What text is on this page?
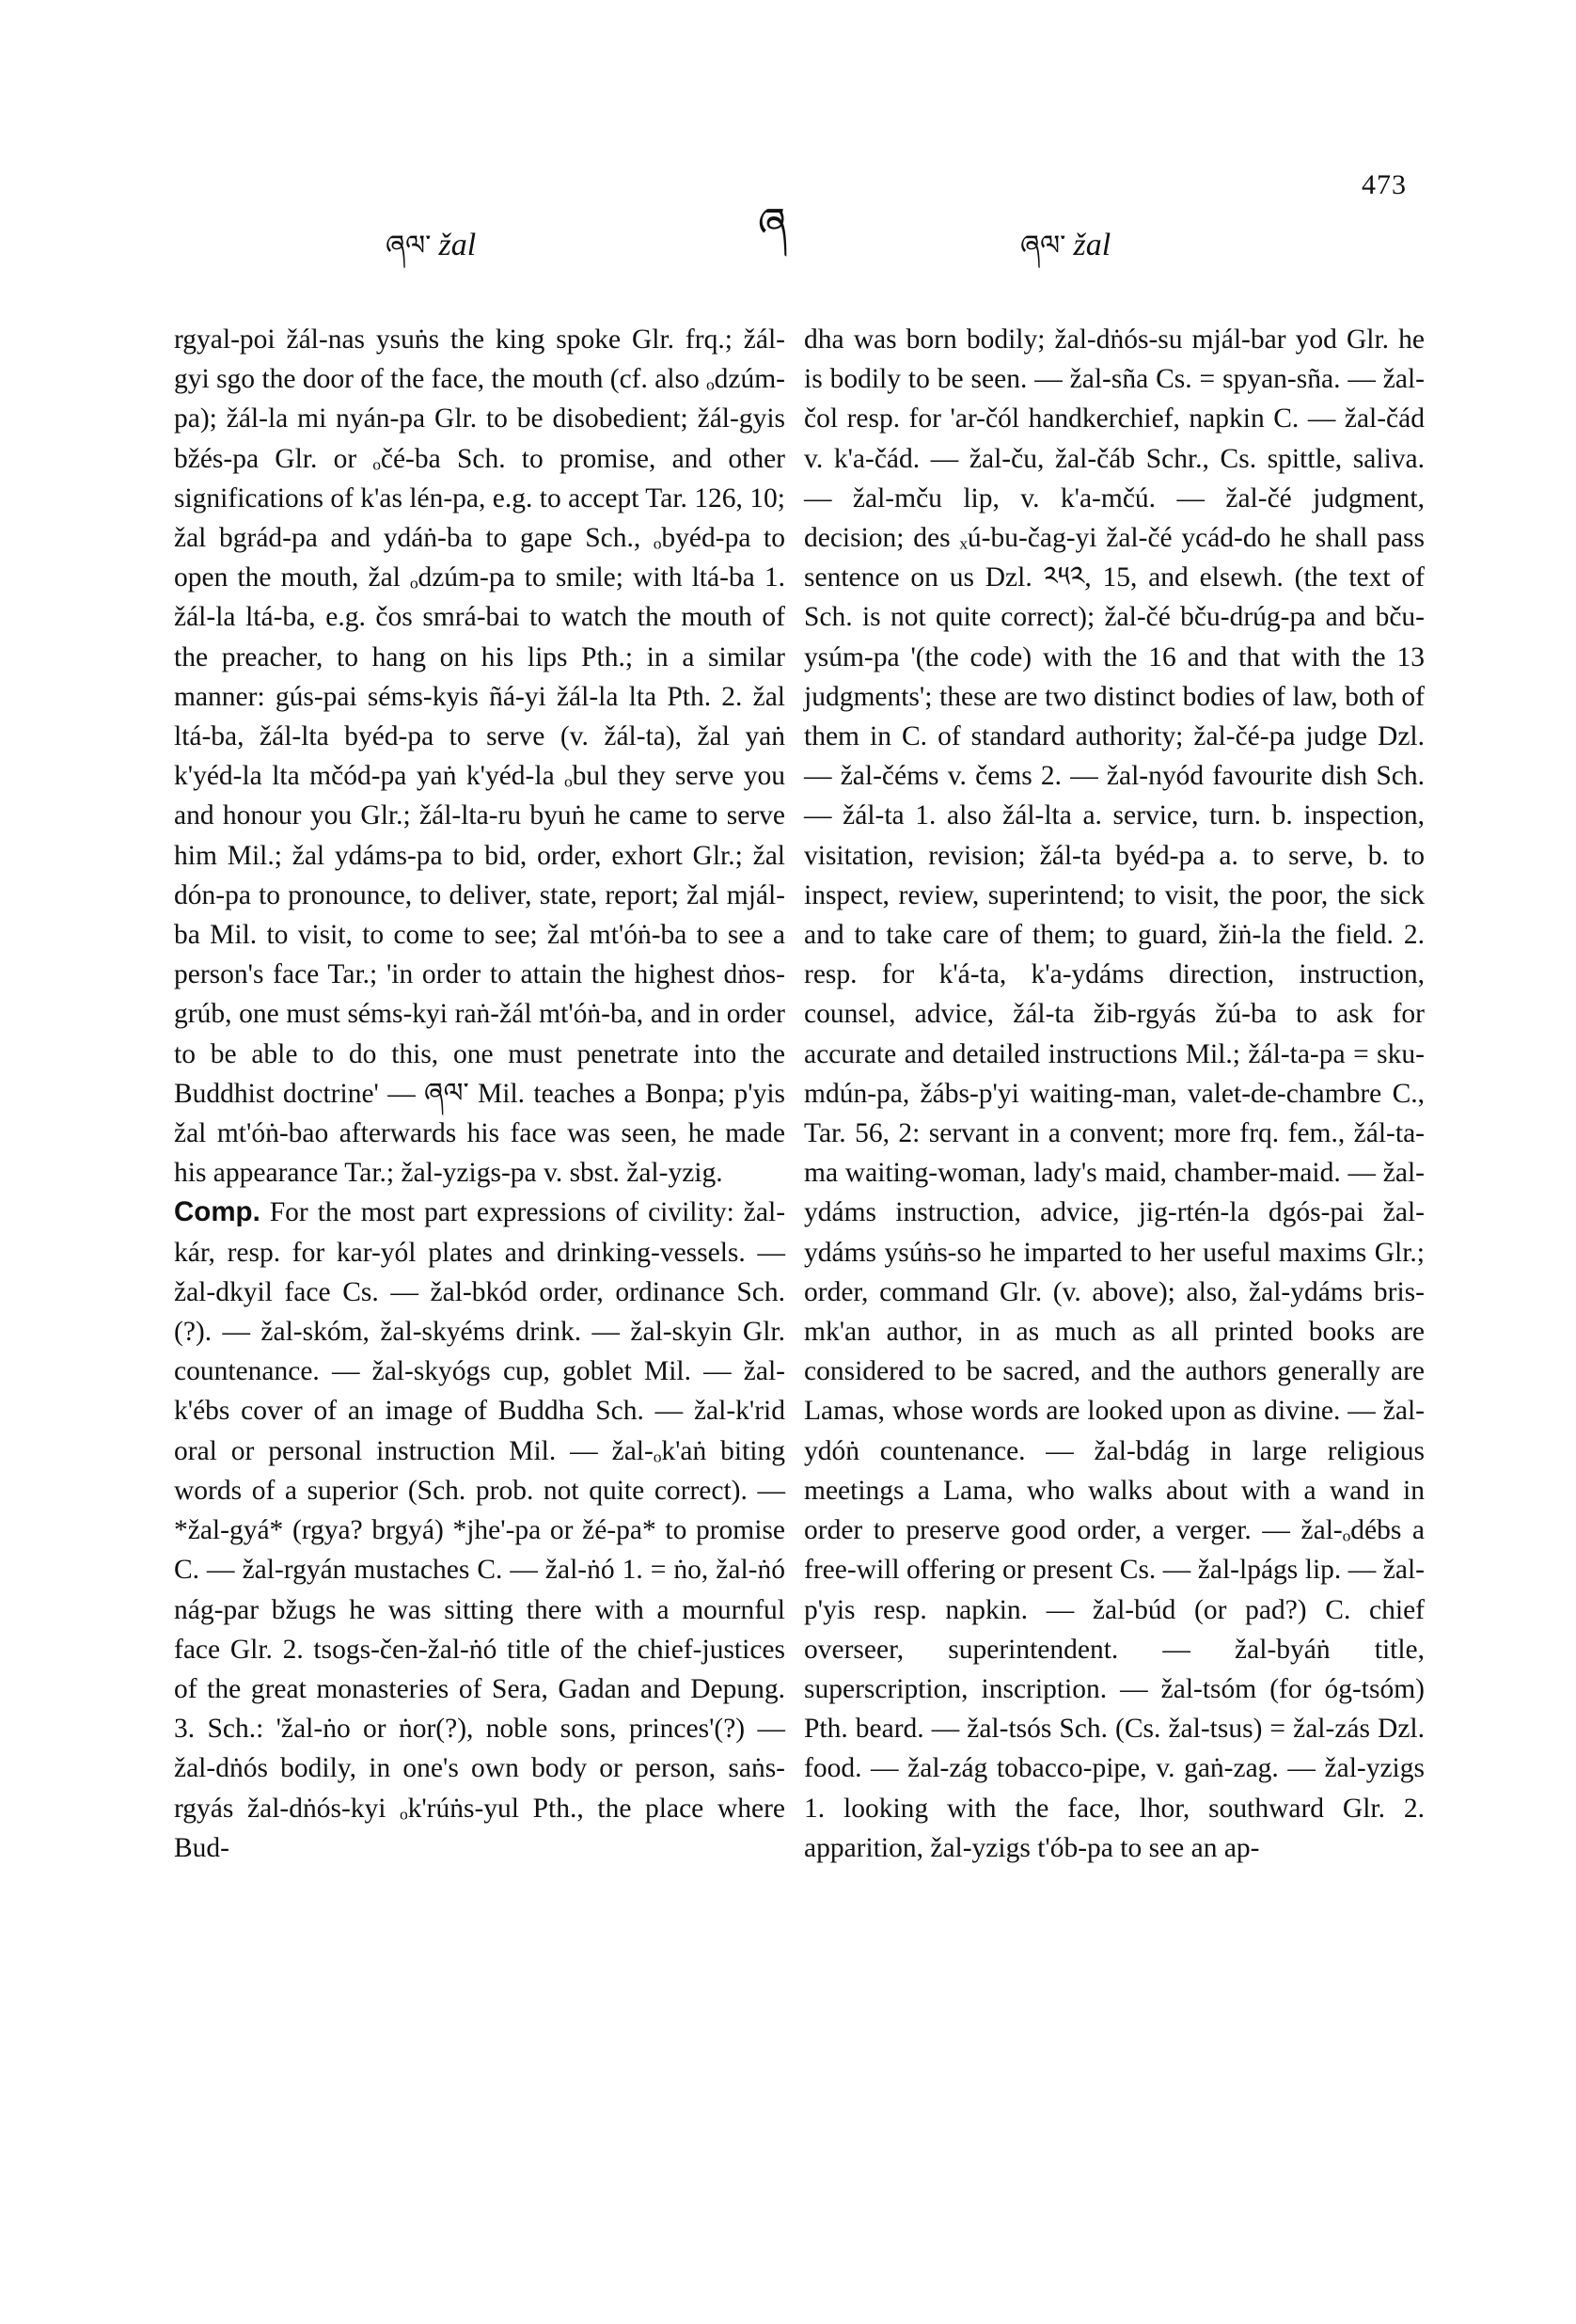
ཞ
473
ཞལ་ žal	ཞལ་ žal

rgyal-poi žál-nas ysuṅs the king spoke Glr. frq.; žál-gyi sgo the door of the face, the mouth (cf. also ₒdzúm-pa); žál-la mi nyán-pa Glr. to be disobedient; žál-gyis bžés-pa Glr. or ₒčé-ba Sch. to promise, and other significations of k'as lén-pa, e.g. to accept Tar. 126, 10; žal bgrád-pa and ydáṅ-ba to gape Sch., ₒbyéd-pa to open the mouth, žal ₒdzúm-pa to smile; with ltá-ba 1. žál-la ltá-ba, e.g. čos smrá-bai to watch the mouth of the preacher, to hang on his lips Pth.; in a similar manner: gús-pai séms-kyis ñá-yi žál-la lta Pth. 2. žal ltá-ba, žál-lta byéd-pa to serve (v. žál-ta), žal yaṅ k'yéd-la lta mčód-pa yaṅ k'yéd-la ₒbul they serve you and honour you Glr.; žál-lta-ru byuṅ he came to serve him Mil.; žal ydáms-pa to bid, order, exhort Glr.; žal dón-pa to pronounce, to deliver, state, report; žal mjál-ba Mil. to visit, to come to see; žal mt'óṅ-ba to see a person's face Tar.; 'in order to attain the highest dṅos-grúb, one must séms-kyi raṅ-žál mt'óṅ-ba, and in order to be able to do this, one must penetrate into the Buddhist doctrine' — ཞལ་ Mil. teaches a Bonpa; p'yis žal mt'óṅ-bao afterwards his face was seen, he made his appearance Tar.; žal-yzigs-pa v. sbst. žal-yzig.

Comp. For the most part expressions of civility: žal-kár, resp. for kar-yól plates and drinking-vessels. — žal-dkyil face Cs. — žal-bkód order, ordinance Sch.(?). — žal-skóm, žal-skyéms drink. — žal-skyin Glr. countenance. — žal-skyógs cup, goblet Mil. — žal-k'ébs cover of an image of Buddha Sch. — žal-k'rid oral or personal instruction Mil. — žal-ₒk'aṅ biting words of a superior (Sch. prob. not quite correct). — *žal-gyá* (rgya? brgyá) *jhe'-pa or žé-pa* to promise C. — žal-rgyán mustaches C. — žal-ṅó 1. = ṅo, žal-ṅó nág-par bžugs he was sitting there with a mournful face Glr. 2. tsogs-čen-žal-ṅó title of the chief-justices of the great monasteries of Sera, Gadan and Depung. 3. Sch.: 'žal-ṅo or ṅor(?), noble sons, princes'(?) — žal-dṅós bodily, in one's own body or person, saṅs-rgyás žal-dṅós-kyi ₒk'rúṅs-yul Pth., the place where Bud-

dha was born bodily; žal-dṅós-su mjál-bar yod Glr. he is bodily to be seen. — žal-sña Cs. = spyan-sña. — žal-čol resp. for 'ar-čól handkerchief, napkin C. — žal-čád v. k'a-čád. — žal-ču, žal-čáb Schr., Cs. spittle, saliva. — žal-mču lip, v. k'a-mčú. — žal-čé judgment, decision; des ₓú-bu-čag-yi žal-čé ycád-do he shall pass sentence on us Dzl. ༢༥༢, 15, and elsewh. (the text of Sch. is not quite correct); žal-čé bču-drúg-pa and bču-ysúm-pa '(the code) with the 16 and that with the 13 judgments'; these are two distinct bodies of law, both of them in C. of standard authority; žal-čé-pa judge Dzl. — žal-čéms v. čems 2. — žal-nyód favourite dish Sch. — žál-ta 1. also žál-lta a. service, turn. b. inspection, visitation, revision; žál-ta byéd-pa a. to serve, b. to inspect, review, superintend; to visit, the poor, the sick and to take care of them; to guard, žiṅ-la the field. 2. resp. for k'á-ta, k'a-ydáms direction, instruction, counsel, advice, žál-ta žib-rgyás žú-ba to ask for accurate and detailed instructions Mil.; žál-ta-pa = sku-mdún-pa, žábs-p'yi waiting-man, valet-de-chambre C., Tar. 56, 2: servant in a convent; more frq. fem., žál-ta-ma waiting-woman, lady's maid, chamber-maid. — žal-ydáms instruction, advice, jig-rtén-la dgós-pai žal-ydáms ysúṅs-so he imparted to her useful maxims Glr.; order, command Glr. (v. above); also, žal-ydáms bris-mk'an author, in as much as all printed books are considered to be sacred, and the authors generally are Lamas, whose words are looked upon as divine. — žal-ydóṅ countenance. — žal-bdág in large religious meetings a Lama, who walks about with a wand in order to preserve good order, a verger. — žal-ₒdébs a free-will offering or present Cs. — žal-lpágs lip. — žal-p'yis resp. napkin. — žal-búd (or pad?) C. chief overseer, superintendent. — žal-byáṅ title, superscription, inscription. — žal-tsóm (for óg-tsóm) Pth. beard. — žal-tsós Sch. (Cs. žal-tsus) = žal-zás Dzl. food. — žal-zág tobacco-pipe, v. gaṅ-zag. — žal-yzigs 1. looking with the face, lhor, southward Glr. 2. apparition, žal-yzigs t'ób-pa to see an ap-
